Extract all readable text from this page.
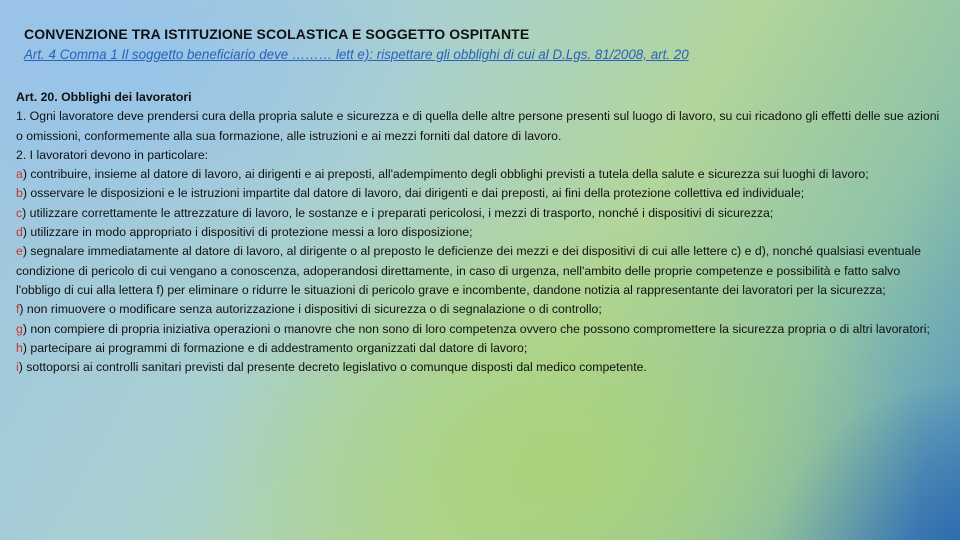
CONVENZIONE TRA ISTITUZIONE SCOLASTICA E SOGGETTO OSPITANTE
Art. 4 Comma 1 Il soggetto beneficiario deve ……… lett e): rispettare gli obblighi di cui al D.Lgs. 81/2008, art. 20

Art. 20. Obblighi dei lavoratori

1. Ogni lavoratore deve prendersi cura della propria salute e sicurezza e di quella delle altre persone presenti sul luogo di lavoro, su cui ricadono gli effetti delle sue azioni o omissioni, conformemente alla sua formazione, alle istruzioni e ai mezzi forniti dal datore di lavoro.

2. I lavoratori devono in particolare:

a) contribuire, insieme al datore di lavoro, ai dirigenti e ai preposti, all'adempimento degli obblighi previsti a tutela della salute e sicurezza sui luoghi di lavoro;

b) osservare le disposizioni e le istruzioni impartite dal datore di lavoro, dai dirigenti e dai preposti, ai fini della protezione collettiva ed individuale;

c) utilizzare correttamente le attrezzature di lavoro, le sostanze e i preparati pericolosi, i mezzi di trasporto, nonché i dispositivi di sicurezza;

d) utilizzare in modo appropriato i dispositivi di protezione messi a loro disposizione;

e) segnalare immediatamente al datore di lavoro, al dirigente o al preposto le deficienze dei mezzi e dei dispositivi di cui alle lettere c) e d), nonché qualsiasi eventuale condizione di pericolo di cui vengano a conoscenza, adoperandosi direttamente, in caso di urgenza, nell'ambito delle proprie competenze e possibilità e fatto salvo l'obbligo di cui alla lettera f) per eliminare o ridurre le situazioni di pericolo grave e incombente, dandone notizia al rappresentante dei lavoratori per la sicurezza;

f) non rimuovere o modificare senza autorizzazione i dispositivi di sicurezza o di segnalazione o di controllo;

g) non compiere di propria iniziativa operazioni o manovre che non sono di loro competenza ovvero che possono compromettere la sicurezza propria o di altri lavoratori;

h) partecipare ai programmi di formazione e di addestramento organizzati dal datore di lavoro;

i) sottoporsi ai controlli sanitari previsti dal presente decreto legislativo o comunque disposti dal medico competente.
